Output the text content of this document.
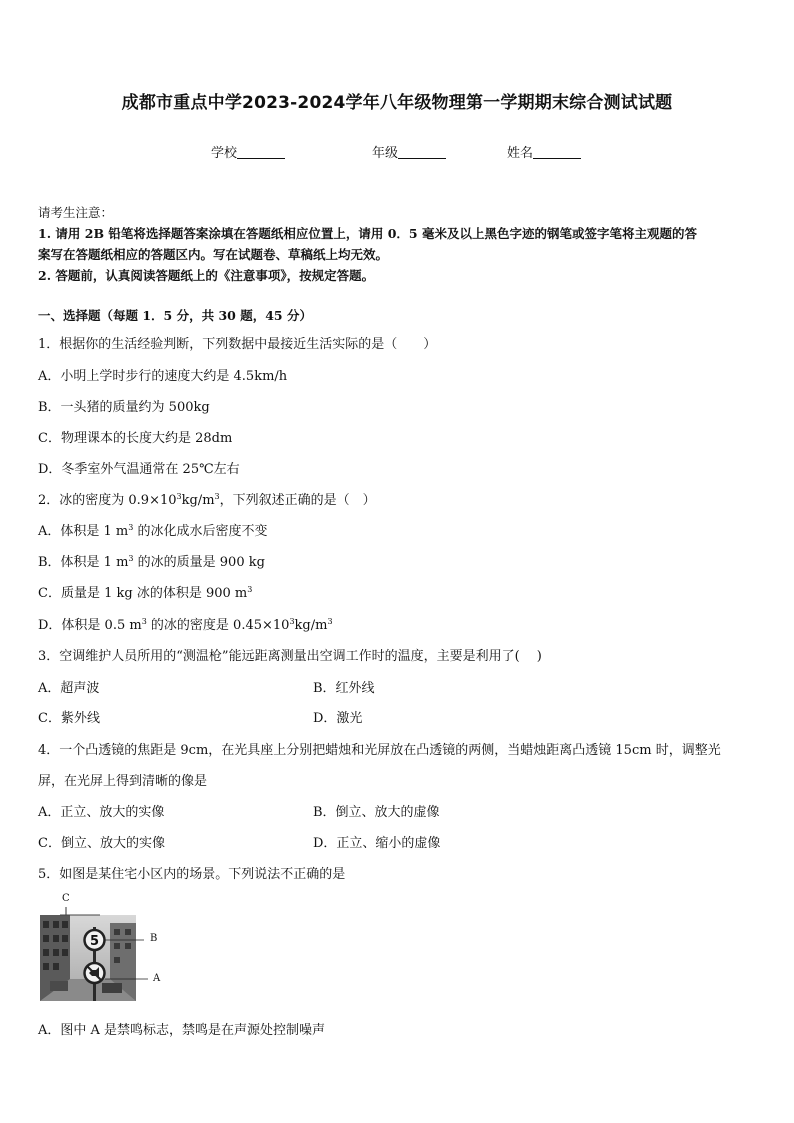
成都市重点中学2023-2024学年八年级物理第一学期期末综合测试试题
学校	年级	姓名
请考生注意：
1. 请用 2B 铅笔将选择题答案涂填在答题纸相应位置上，请用 0．5 毫米及以上黑色字迹的钢笔或签字笔将主观题的答
案写在答题纸相应的答题区内。写在试题卷、草稿纸上均无效。
2. 答题前，认真阅读答题纸上的《注意事项》，按规定答题。
一、选择题（每题 1．5 分，共 30 题，45 分）
1．根据你的生活经验判断，下列数据中最接近生活实际的是（　　）
A．小明上学时步行的速度大约是 4.5km/h
B．一头猪的质量约为 500kg
C．物理课本的长度大约是 28dm
D．冬季室外气温通常在 25℃左右
2．冰的密度为 $0.9\times 10^3kg/m^3$，下列叙述正确的是（　）
A．体积是 1 $m^3$ 的冰化成水后密度不变
B．体积是 1 $m^3$ 的冰的质量是 900 kg
C．质量是 1 kg 冰的体积是 900 $m^3$
D．体积是 0.5 $m^3$ 的冰的密度是 $0.45\times 10^3kg/m^3$
3．空调维护人员所用的“测温枪”能远距离测量出空调工作时的温度，主要是利用了(　 )
A．超声波	B．红外线
C．紫外线	D．激光
4．一个凸透镜的焦距是 9cm，在光具座上分别把蜡烛和光屏放在凸透镜的两侧，当蜡烛距离凸透镜 15cm 时，调整光
屏，在光屏上得到清晰的像是
A．正立、放大的实像	B．倒立、放大的虚像
C．倒立、放大的实像	D．正立、缩小的虚像
5．如图是某住宅小区内的场景。下列说法不正确的是
5
C
B
A
A．图中 A 是禁鸣标志，禁鸣是在声源处控制噪声
